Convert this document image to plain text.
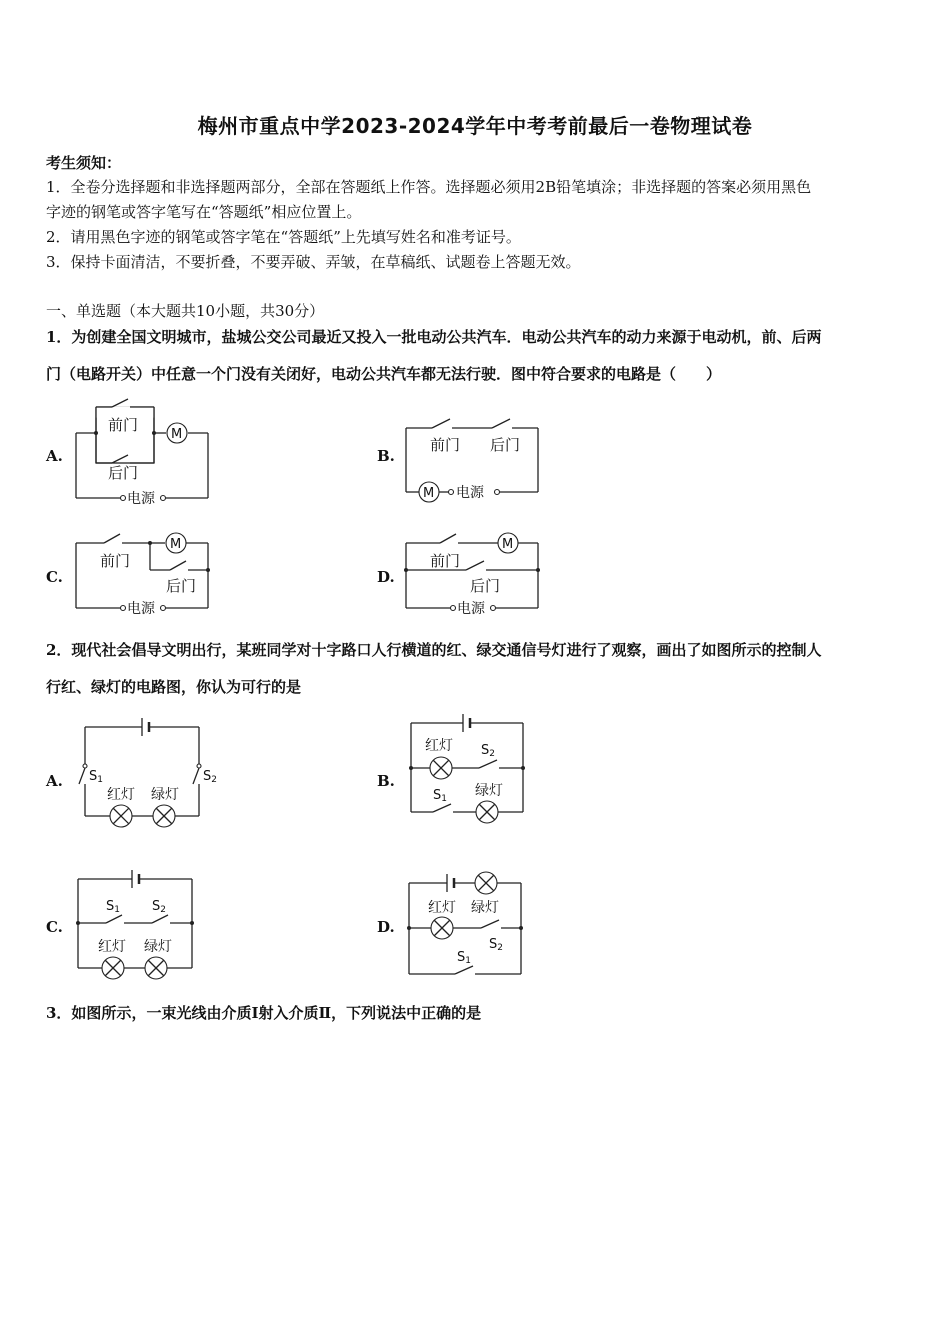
梅州市重点中学2023-2024学年中考考前最后一卷物理试卷
考生须知：
1．全卷分选择题和非选择题两部分，全部在答题纸上作答。选择题必须用2B铅笔填涂；非选择题的答案必须用黑色
字迹的钢笔或答字笔写在“答题纸”相应位置上。
2．请用黑色字迹的钢笔或答字笔在“答题纸”上先填写姓名和准考证号。
3．保持卡面清洁，不要折叠，不要弄破、弄皱，在草稿纸、试题卷上答题无效。
一、单选题（本大题共10小题，共30分）
1．为创建全国文明城市，盐城公交公司最近又投入一批电动公共汽车．电动公共汽车的动力来源于电动机，前、后两
门（电路开关）中任意一个门没有关闭好，电动公共汽车都无法行驶．图中符合要求的电路是（　　）
A.	B.
C.	D.
前门
后门
电源
M
前门 后门
电源
M
前门
后门
电源
M
前门
后门
电源
M
2．现代社会倡导文明出行，某班同学对十字路口人行横道的红、绿交通信号灯进行了观察，画出了如图所示的控制人
行红、绿灯的电路图，你认为可行的是
A.	B.
C.	D.
S1	S2
红灯 绿灯
红灯 S2
S1 绿灯
S1 S2
红灯 绿灯
红灯 绿灯
S2
S1
3．如图所示，一束光线由介质Ⅰ射入介质Ⅱ，下列说法中正确的是
